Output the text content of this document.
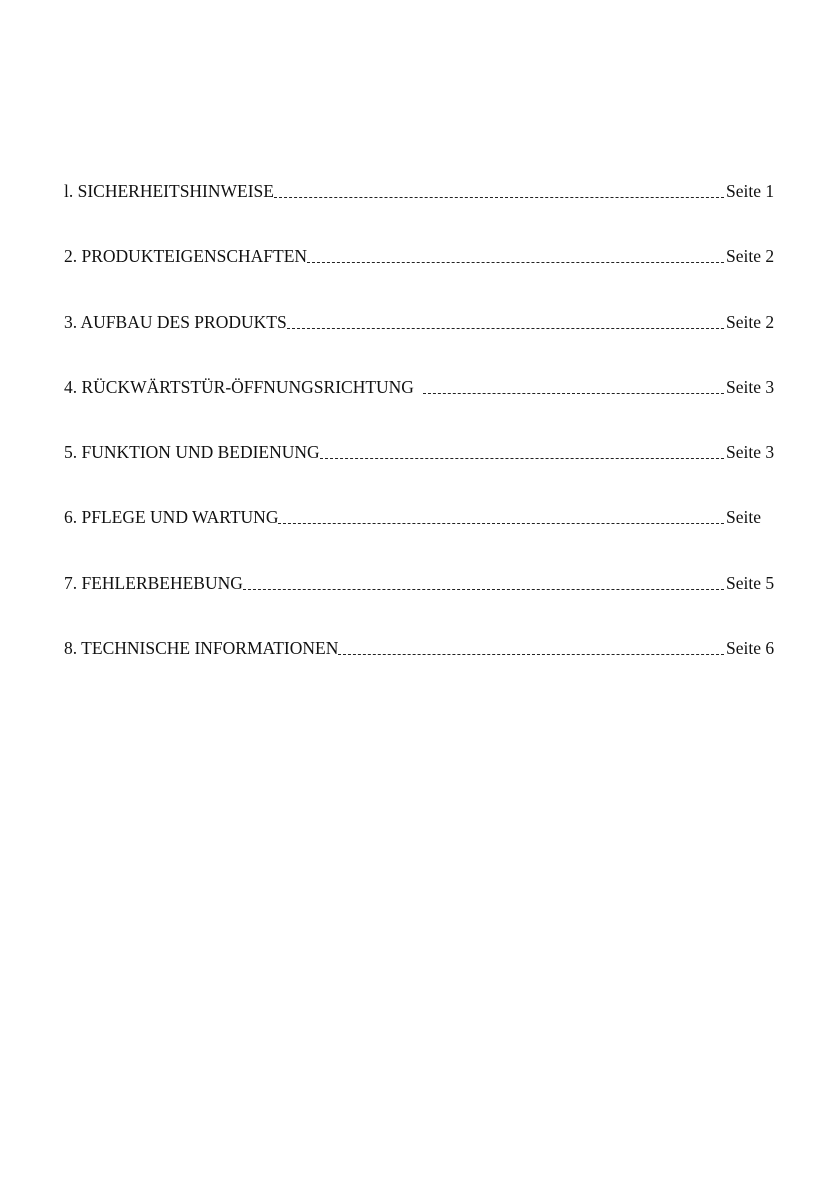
l. SICHERHEITSHINWEISE	Seite 1
2. PRODUKTEIGENSCHAFTEN	Seite 2
3. AUFBAU DES PRODUKTS	Seite 2
4. RÜCKWÄRTSTÜR-ÖFFNUNGSRICHTUNG	Seite 3
5. FUNKTION UND BEDIENUNG	Seite 3
6. PFLEGE UND WARTUNG	Seite
7. FEHLERBEHEBUNG	Seite 5
8. TECHNISCHE INFORMATIONEN	Seite 6
